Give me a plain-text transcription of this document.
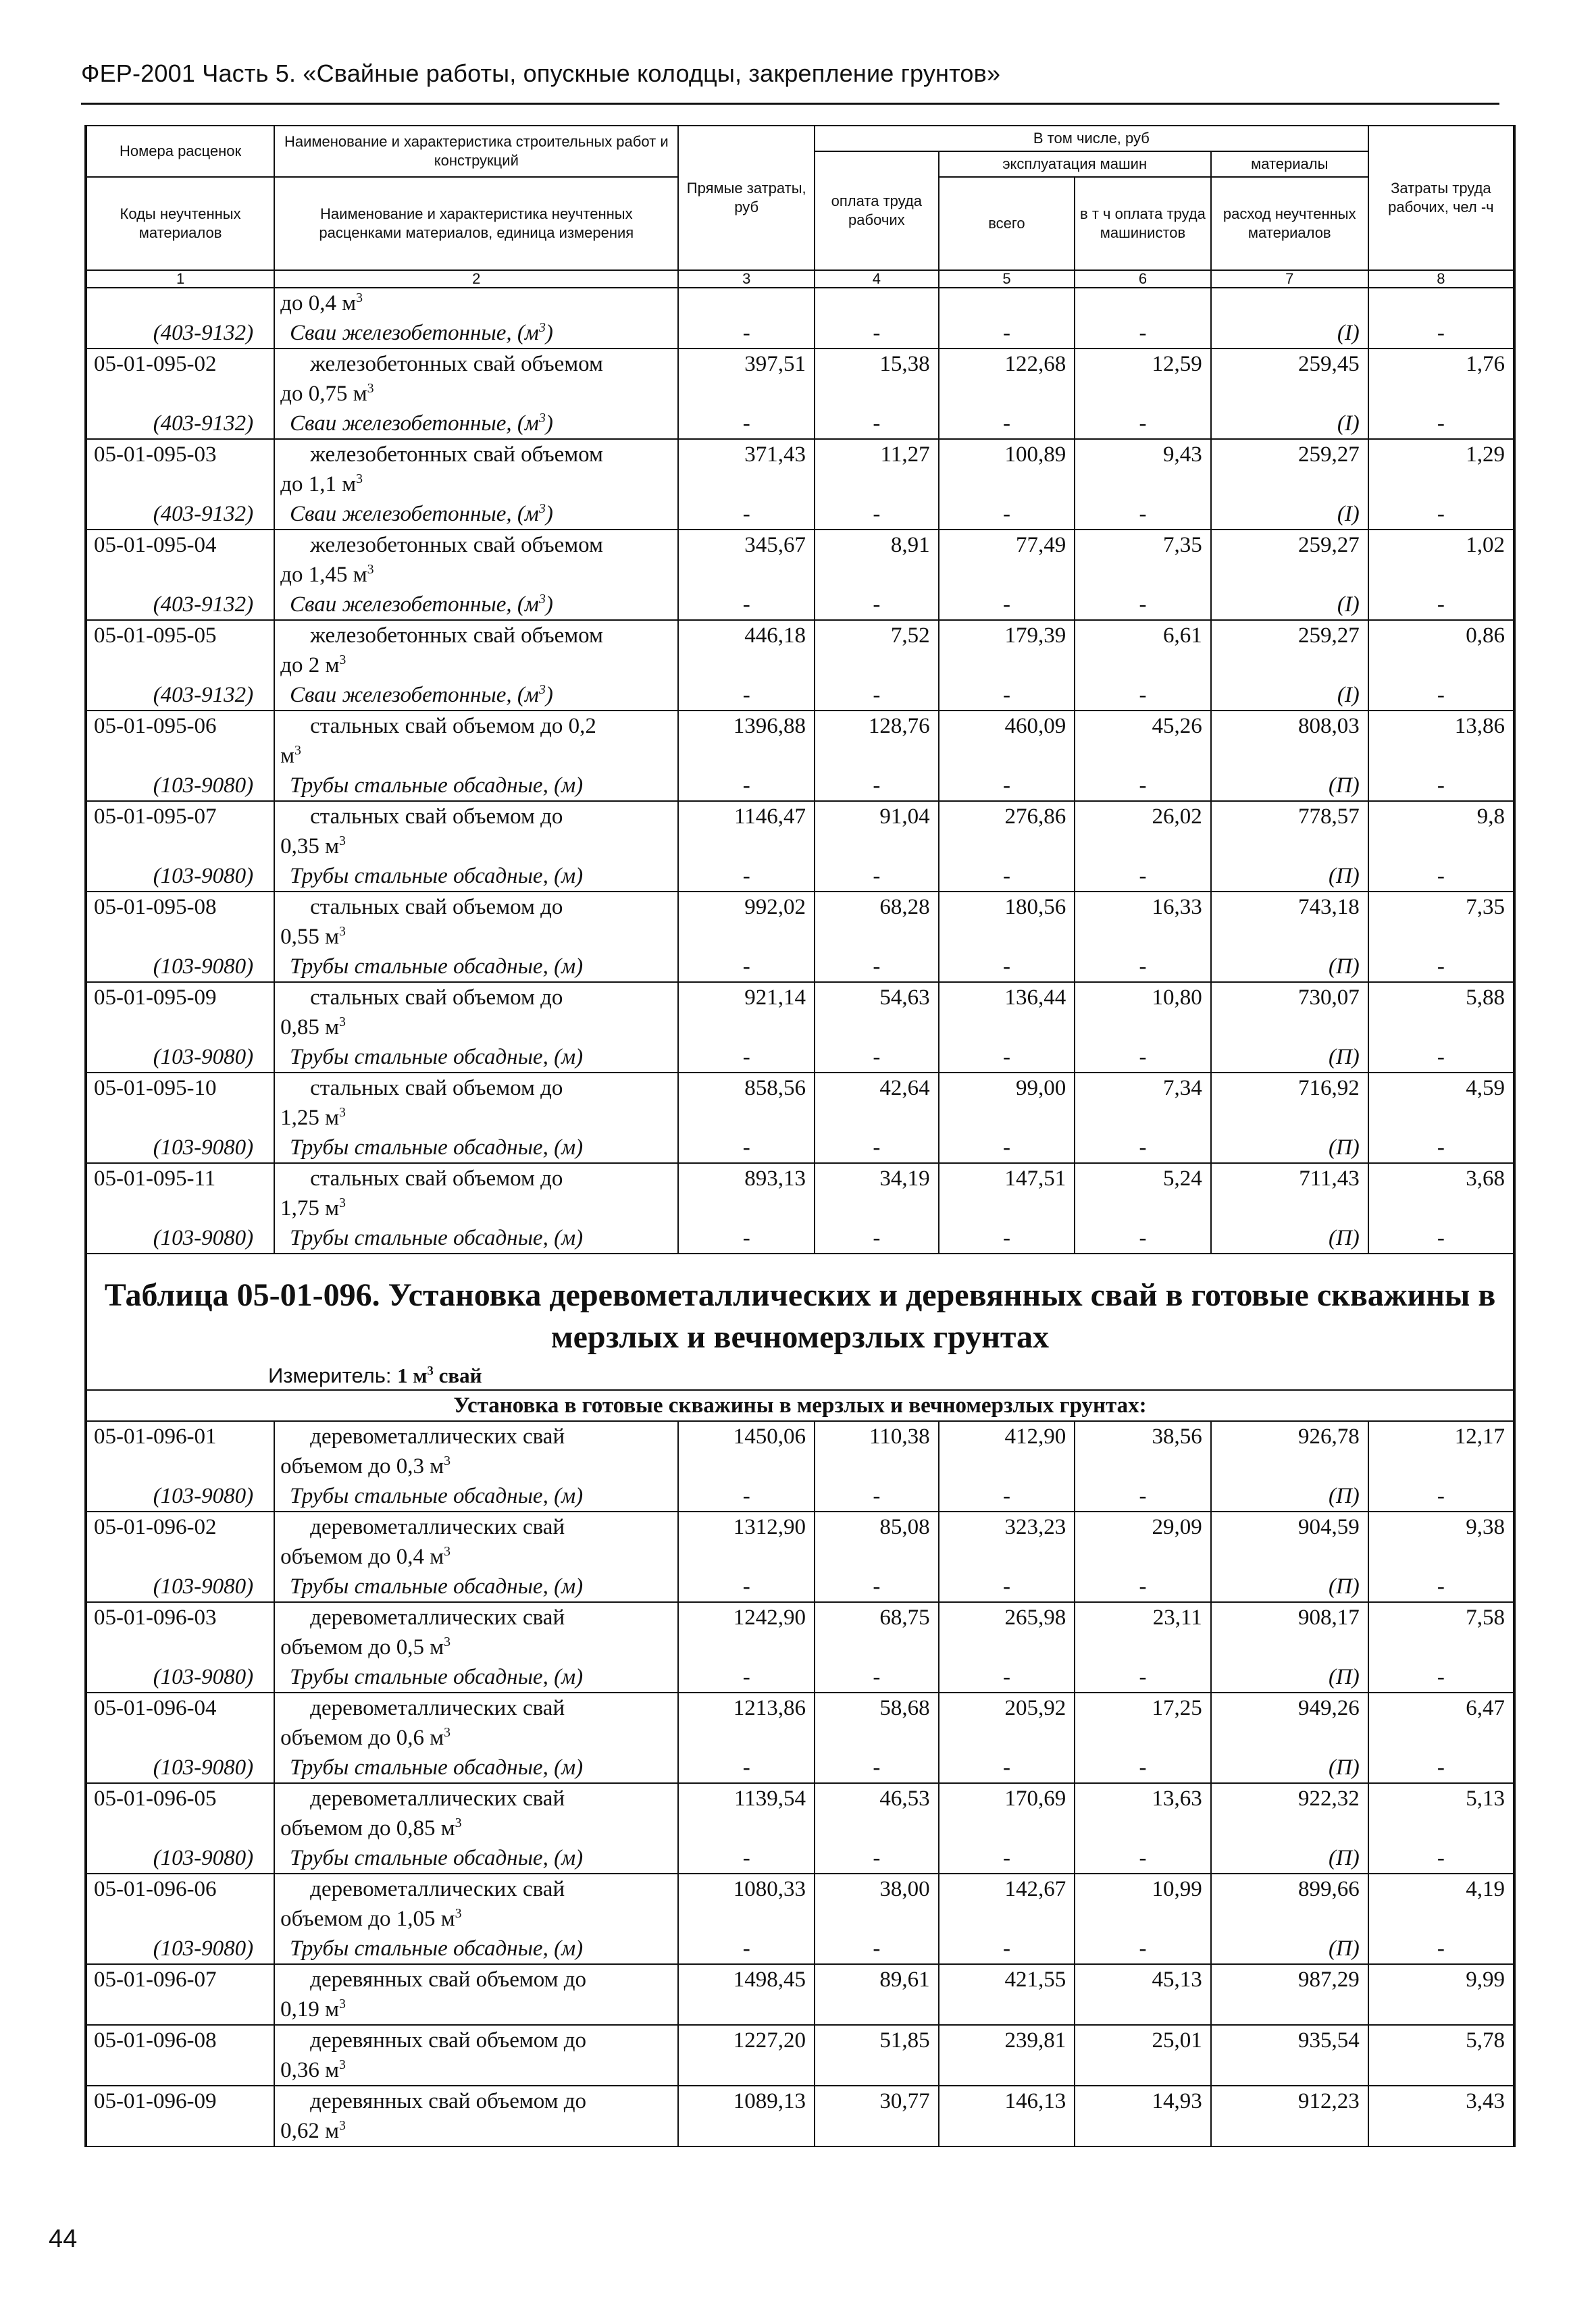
ФЕР-2001 Часть 5. «Свайные работы, опускные колодцы, закрепление грунтов»
Номера расценок	Наименование и характеристика строительных работ и конструкций	Прямые затраты, руб	В том числе, руб				Затраты труда рабочих, чел -ч
			оплата труда рабочих	эксплуатация машин		материалы	
Коды неучтенных материалов	Наименование и характеристика неучтенных расценками материалов, единица измерения			всего	в т ч оплата труда машинистов	расход неучтенных материалов	

1	2	3	4	5	6	7	8
	до 0,4 $м^3$						
(403-9132)	Сваи железобетонные, $(м^3)$	-	-	-	-	(I)	-
05-01-095-02	железобетонных свай объемом
до 0,75 $м^3$	397,51	15,38	122,68	12,59	259,45	1,76
(403-9132)	Сваи железобетонные, $(м^3)$	-	-	-	-	(I)	-
05-01-095-03	железобетонных свай объемом
до 1,1 $м^3$	371,43	11,27	100,89	9,43	259,27	1,29
(403-9132)	Сваи железобетонные, $(м^3)$	-	-	-	-	(I)	-
05-01-095-04	железобетонных свай объемом
до 1,45 $м^3$	345,67	8,91	77,49	7,35	259,27	1,02
(403-9132)	Сваи железобетонные, $(м^3)$	-	-	-	-	(I)	-
05-01-095-05	железобетонных свай объемом
до 2 $м^3$	446,18	7,52	179,39	6,61	259,27	0,86
(403-9132)	Сваи железобетонные, $(м^3)$	-	-	-	-	(I)	-
05-01-095-06	стальных свай объемом до 0,2
$м^3$	1396,88	128,76	460,09	45,26	808,03	13,86
(103-9080)	Трубы стальные обсадные, (м)	-	-	-	-	(П)	-
05-01-095-07	стальных свай объемом до
0,35 $м^3$	1146,47	91,04	276,86	26,02	778,57	9,8
(103-9080)	Трубы стальные обсадные, (м)	-	-	-	-	(П)	-
05-01-095-08	стальных свай объемом до
0,55 $м^3$	992,02	68,28	180,56	16,33	743,18	7,35
(103-9080)	Трубы стальные обсадные, (м)	-	-	-	-	(П)	-
05-01-095-09	стальных свай объемом до
0,85 $м^3$	921,14	54,63	136,44	10,80	730,07	5,88
(103-9080)	Трубы стальные обсадные, (м)	-	-	-	-	(П)	-
05-01-095-10	стальных свай объемом до
1,25 $м^3$	858,56	42,64	99,00	7,34	716,92	4,59
(103-9080)	Трубы стальные обсадные, (м)	-	-	-	-	(П)	-
05-01-095-11	стальных свай объемом до
1,75 $м^3$	893,13	34,19	147,51	5,24	711,43	3,68
(103-9080)	Трубы стальные обсадные, (м)	-	-	-	-	(П)	-

Таблица 05-01-096. Установка деревометаллических и деревянных свай в готовые скважины в мерзлых и вечномерзлых грунтах
Измеритель: 1 $м^3$ свай							

Установка в готовые скважины в мерзлых и вечномерзлых грунтах:							
05-01-096-01	деревометаллических свай
объемом до 0,3 $м^3$	1450,06	110,38	412,90	38,56	926,78	12,17
(103-9080)	Трубы стальные обсадные, (м)	-	-	-	-	(П)	-
05-01-096-02	деревометаллических свай
объемом до 0,4 $м^3$	1312,90	85,08	323,23	29,09	904,59	9,38
(103-9080)	Трубы стальные обсадные, (м)	-	-	-	-	(П)	-
05-01-096-03	деревометаллических свай
объемом до 0,5 $м^3$	1242,90	68,75	265,98	23,11	908,17	7,58
(103-9080)	Трубы стальные обсадные, (м)	-	-	-	-	(П)	-
05-01-096-04	деревометаллических свай
объемом до 0,6 $м^3$	1213,86	58,68	205,92	17,25	949,26	6,47
(103-9080)	Трубы стальные обсадные, (м)	-	-	-	-	(П)	-
05-01-096-05	деревометаллических свай
объемом до 0,85 $м^3$	1139,54	46,53	170,69	13,63	922,32	5,13
(103-9080)	Трубы стальные обсадные, (м)	-	-	-	-	(П)	-
05-01-096-06	деревометаллических свай
объемом до 1,05 $м^3$	1080,33	38,00	142,67	10,99	899,66	4,19
(103-9080)	Трубы стальные обсадные, (м)	-	-	-	-	(П)	-
05-01-096-07	деревянных свай объемом до
0,19 $м^3$	1498,45	89,61	421,55	45,13	987,29	9,99
05-01-096-08	деревянных свай объемом до
0,36 $м^3$	1227,20	51,85	239,81	25,01	935,54	5,78
05-01-096-09	деревянных свай объемом до
0,62 $м^3$	1089,13	30,77	146,13	14,93	912,23	3,43
44
